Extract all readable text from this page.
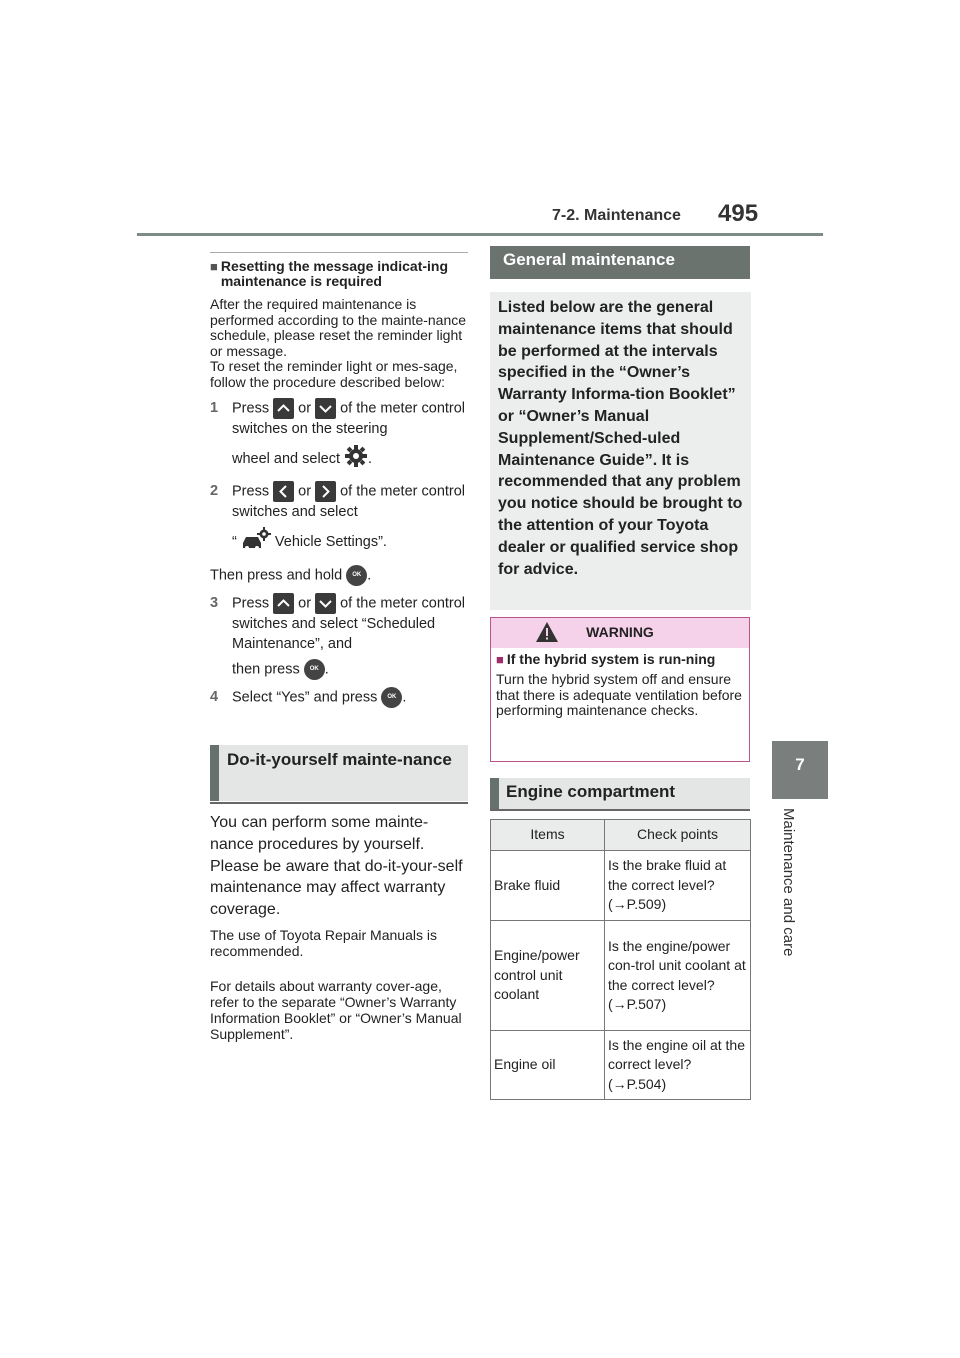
7-2. Maintenance 495
7
Maintenance and care
■ Resetting the message indicat-ing maintenance is required
After the required maintenance is performed according to the mainte-nance schedule, please reset the reminder light or message.
To reset the reminder light or mes-sage, follow the procedure described below:
1 Press or of the meter control switches on the steering
wheel and select .
2 Press or of the meter control switches and select
“	Vehicle Settings”.
Then press and hold OK .
3 Press or of the meter control switches and select “Scheduled Maintenance”, and
then press OK .
4 Select “Yes” and press OK .
Do-it-yourself mainte-nance
You can perform some mainte-nance procedures by yourself. Please be aware that do-it-your-self maintenance may affect warranty coverage.
The use of Toyota Repair Manuals is recommended.
For details about warranty cover-age, refer to the separate “Owner’s Warranty Information Booklet” or “Owner’s Manual Supplement”.
General maintenance
Listed below are the general maintenance items that should be performed at the intervals specified in the “Owner’s Warranty Informa-tion Booklet” or “Owner’s Manual Supplement/Sched-uled Maintenance Guide”. It is recommended that any problem you notice should be brought to the attention of your Toyota dealer or qualified service shop for advice.
WARNING
■ If the hybrid system is run-ning
Turn the hybrid system off and ensure that there is adequate ventilation before performing maintenance checks.
Engine compartment
Items	Check points
Brake fluid	Is the brake fluid at the correct level? (→P.509)
Engine/power control unit coolant	Is the engine/power con-trol unit coolant at the correct level? (→P.507)
Engine oil	Is the engine oil at the correct level? (→P.504)
